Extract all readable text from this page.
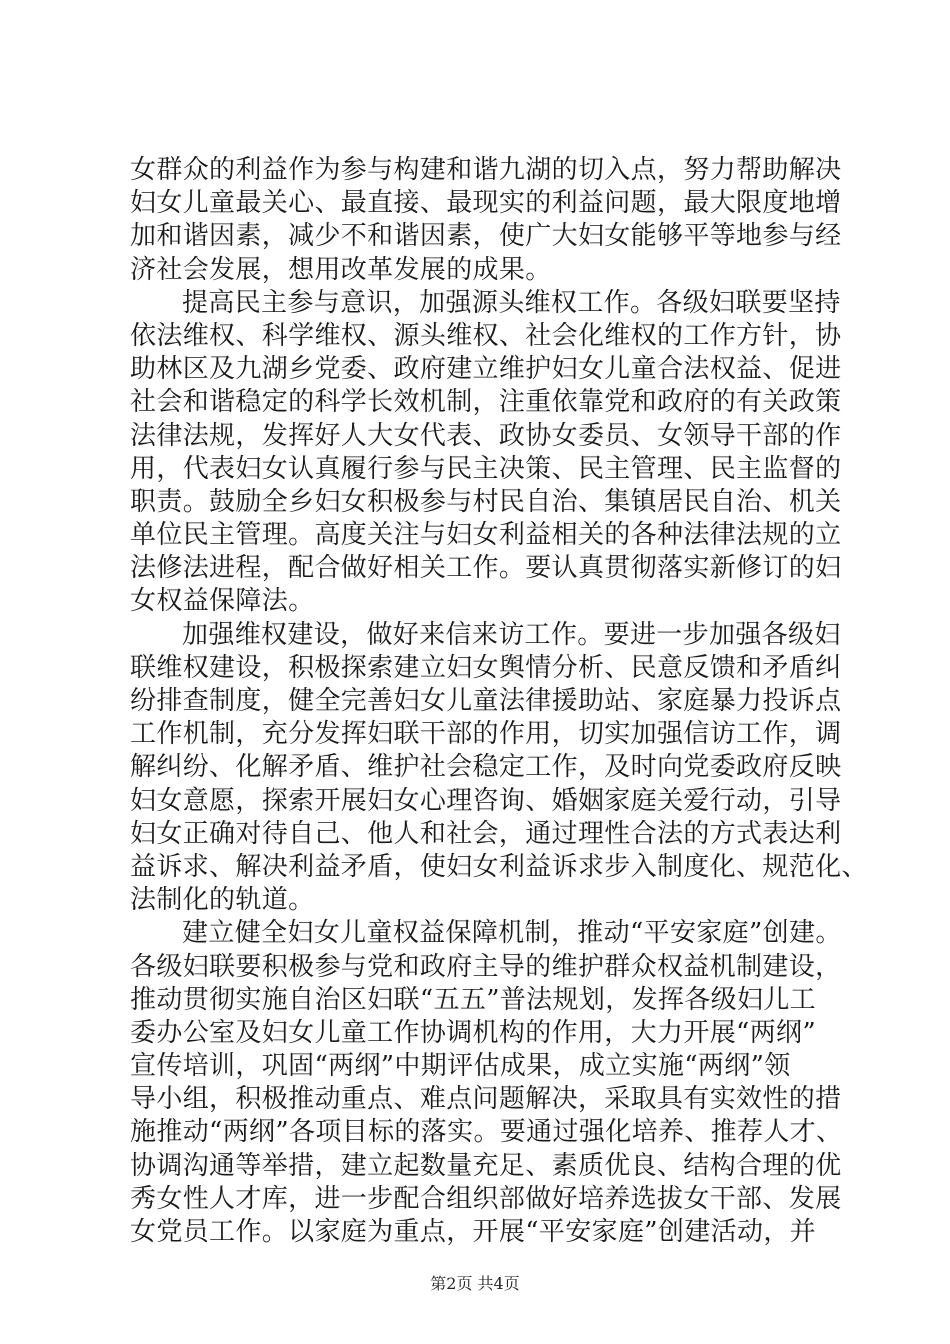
女群众的利益作为参与构建和谐九湖的切入点，努力帮助解决
妇女儿童最关心、最直接、最现实的利益问题，最大限度地增
加和谐因素，减少不和谐因素，使广大妇女能够平等地参与经
济社会发展，想用改革发展的成果。
提高民主参与意识，加强源头维权工作。各级妇联要坚持
依法维权、科学维权、源头维权、社会化维权的工作方针，协
助林区及九湖乡党委、政府建立维护妇女儿童合法权益、促进
社会和谐稳定的科学长效机制，注重依靠党和政府的有关政策
法律法规，发挥好人大女代表、政协女委员、女领导干部的作
用，代表妇女认真履行参与民主决策、民主管理、民主监督的
职责。鼓励全乡妇女积极参与村民自治、集镇居民自治、机关
单位民主管理。高度关注与妇女利益相关的各种法律法规的立
法修法进程，配合做好相关工作。要认真贯彻落实新修订的妇
女权益保障法。
加强维权建设，做好来信来访工作。要进一步加强各级妇
联维权建设，积极探索建立妇女舆情分析、民意反馈和矛盾纠
纷排查制度，健全完善妇女儿童法律援助站、家庭暴力投诉点
工作机制，充分发挥妇联干部的作用，切实加强信访工作，调
解纠纷、化解矛盾、维护社会稳定工作，及时向党委政府反映
妇女意愿，探索开展妇女心理咨询、婚姻家庭关爱行动，引导
妇女正确对待自己、他人和社会，通过理性合法的方式表达利
益诉求、解决利益矛盾，使妇女利益诉求步入制度化、规范化、
法制化的轨道。
建立健全妇女儿童权益保障机制，推动“平安家庭”创建。
各级妇联要积极参与党和政府主导的维护群众权益机制建设，
推动贯彻实施自治区妇联“五五”普法规划，发挥各级妇儿工
委办公室及妇女儿童工作协调机构的作用，大力开展“两纲”
宣传培训，巩固“两纲”中期评估成果，成立实施“两纲”领
导小组，积极推动重点、难点问题解决，采取具有实效性的措
施推动“两纲”各项目标的落实。要通过强化培养、推荐人才、
协调沟通等举措，建立起数量充足、素质优良、结构合理的优
秀女性人才库，进一步配合组织部做好培养选拔女干部、发展
女党员工作。以家庭为重点，开展“平安家庭”创建活动，并
第2页 共4页
